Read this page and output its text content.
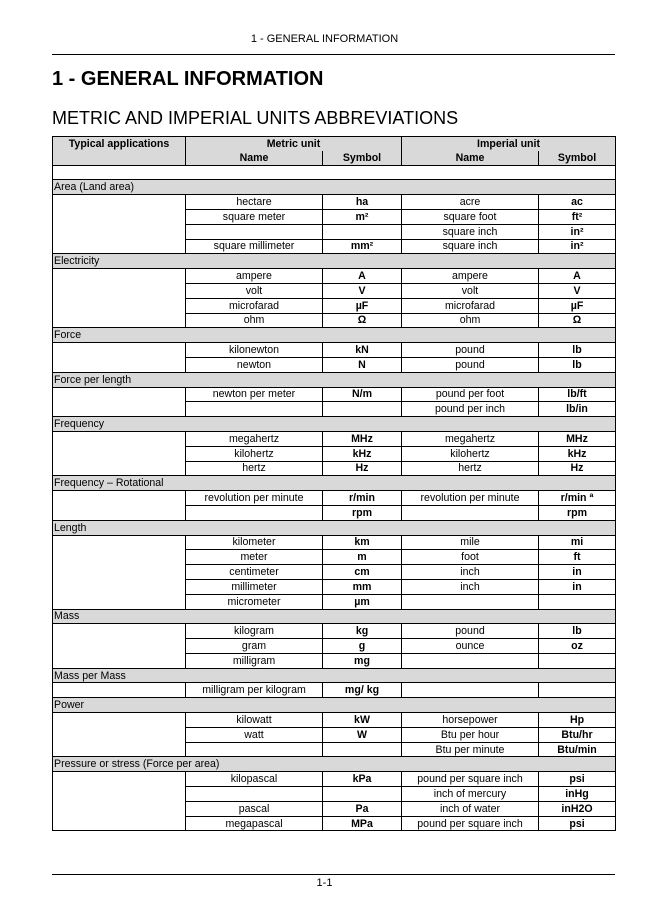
1 - GENERAL INFORMATION
1 - GENERAL INFORMATION
METRIC AND IMPERIAL UNITS ABBREVIATIONS
Typical applications	Metric unit		Imperial unit	
	Name	Symbol	Name	Symbol

Area (Land area)				
	hectare	ha	acre	ac
	square meter	m²	square foot	ft²
			square inch	in²
	square millimeter	mm²	square inch	in²
Electricity				
	ampere	A	ampere	A
	volt	V	volt	V
	microfarad	µF	microfarad	µF
	ohm	Ω	ohm	Ω
Force				
	kilonewton	kN	pound	lb
	newton	N	pound	lb
Force per length				
	newton per meter	N/m	pound per foot	lb/ft
			pound per inch	lb/in
Frequency				
	megahertz	MHz	megahertz	MHz
	kilohertz	kHz	kilohertz	kHz
	hertz	Hz	hertz	Hz
Frequency – Rotational				
	revolution per minute	r/min	revolution per minute	r/min ª
		rpm		rpm
Length				
	kilometer	km	mile	mi
	meter	m	foot	ft
	centimeter	cm	inch	in
	millimeter	mm	inch	in
	micrometer	µm		
Mass				
	kilogram	kg	pound	lb
	gram	g	ounce	oz
	milligram	mg		
Mass per Mass				
	milligram per kilogram	mg/ kg		
Power				
	kilowatt	kW	horsepower	Hp
	watt	W	Btu per hour	Btu/hr
			Btu per minute	Btu/min
Pressure or stress (Force per area)				
	kilopascal	kPa	pound per square inch	psi
			inch of mercury	inHg
	pascal	Pa	inch of water	inH2O
	megapascal	MPa	pound per square inch	psi
1-1
